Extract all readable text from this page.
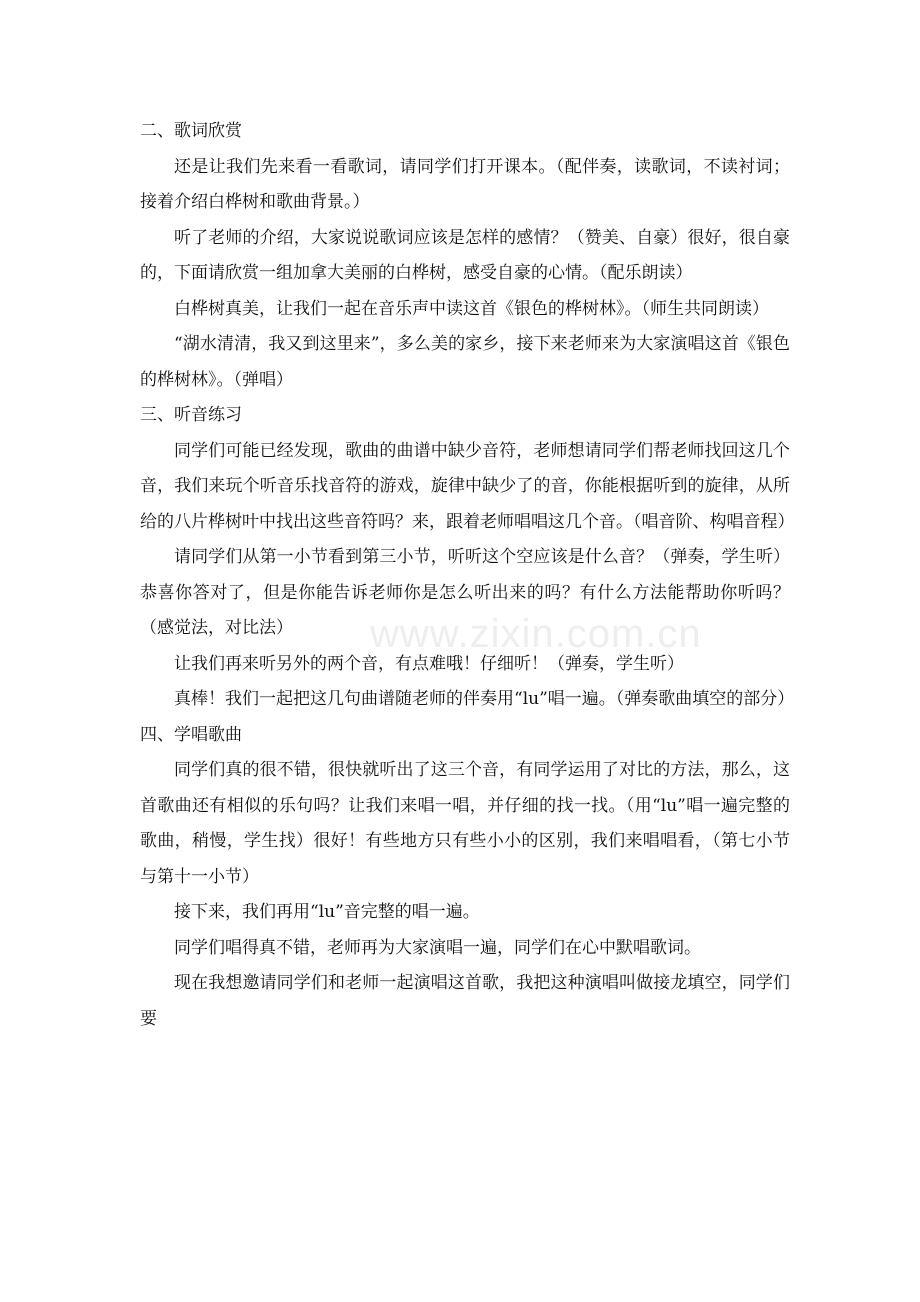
www.zixin.com.cn

二、歌词欣赏

还是让我们先来看一看歌词，请同学们打开课本。（配伴奏，读歌词，不读衬词；接着介绍白桦树和歌曲背景。）

听了老师的介绍，大家说说歌词应该是怎样的感情？（赞美、自豪）很好，很自豪的，下面请欣赏一组加拿大美丽的白桦树，感受自豪的心情。（配乐朗读）

白桦树真美，让我们一起在音乐声中读这首《银色的桦树林》。（师生共同朗读）

“湖水清清，我又到这里来”，多么美的家乡，接下来老师来为大家演唱这首《银色的桦树林》。（弹唱）

三、听音练习

同学们可能已经发现，歌曲的曲谱中缺少音符，老师想请同学们帮老师找回这几个音，我们来玩个听音乐找音符的游戏，旋律中缺少了的音，你能根据听到的旋律，从所给的八片桦树叶中找出这些音符吗？来，跟着老师唱唱这几个音。（唱音阶、构唱音程）

请同学们从第一小节看到第三小节，听听这个空应该是什么音？（弹奏，学生听）恭喜你答对了，但是你能告诉老师你是怎么听出来的吗？有什么方法能帮助你听吗？（感觉法，对比法）

让我们再来听另外的两个音，有点难哦！仔细听！（弹奏，学生听）

真棒！我们一起把这几句曲谱随老师的伴奏用“lu”唱一遍。（弹奏歌曲填空的部分）

四、学唱歌曲

同学们真的很不错，很快就听出了这三个音，有同学运用了对比的方法，那么，这首歌曲还有相似的乐句吗？让我们来唱一唱，并仔细的找一找。（用“lu”唱一遍完整的歌曲，稍慢，学生找）很好！有些地方只有些小小的区别，我们来唱唱看，（第七小节与第十一小节）

接下来，我们再用“lu”音完整的唱一遍。

同学们唱得真不错，老师再为大家演唱一遍，同学们在心中默唱歌词。

现在我想邀请同学们和老师一起演唱这首歌，我把这种演唱叫做接龙填空，同学们要
